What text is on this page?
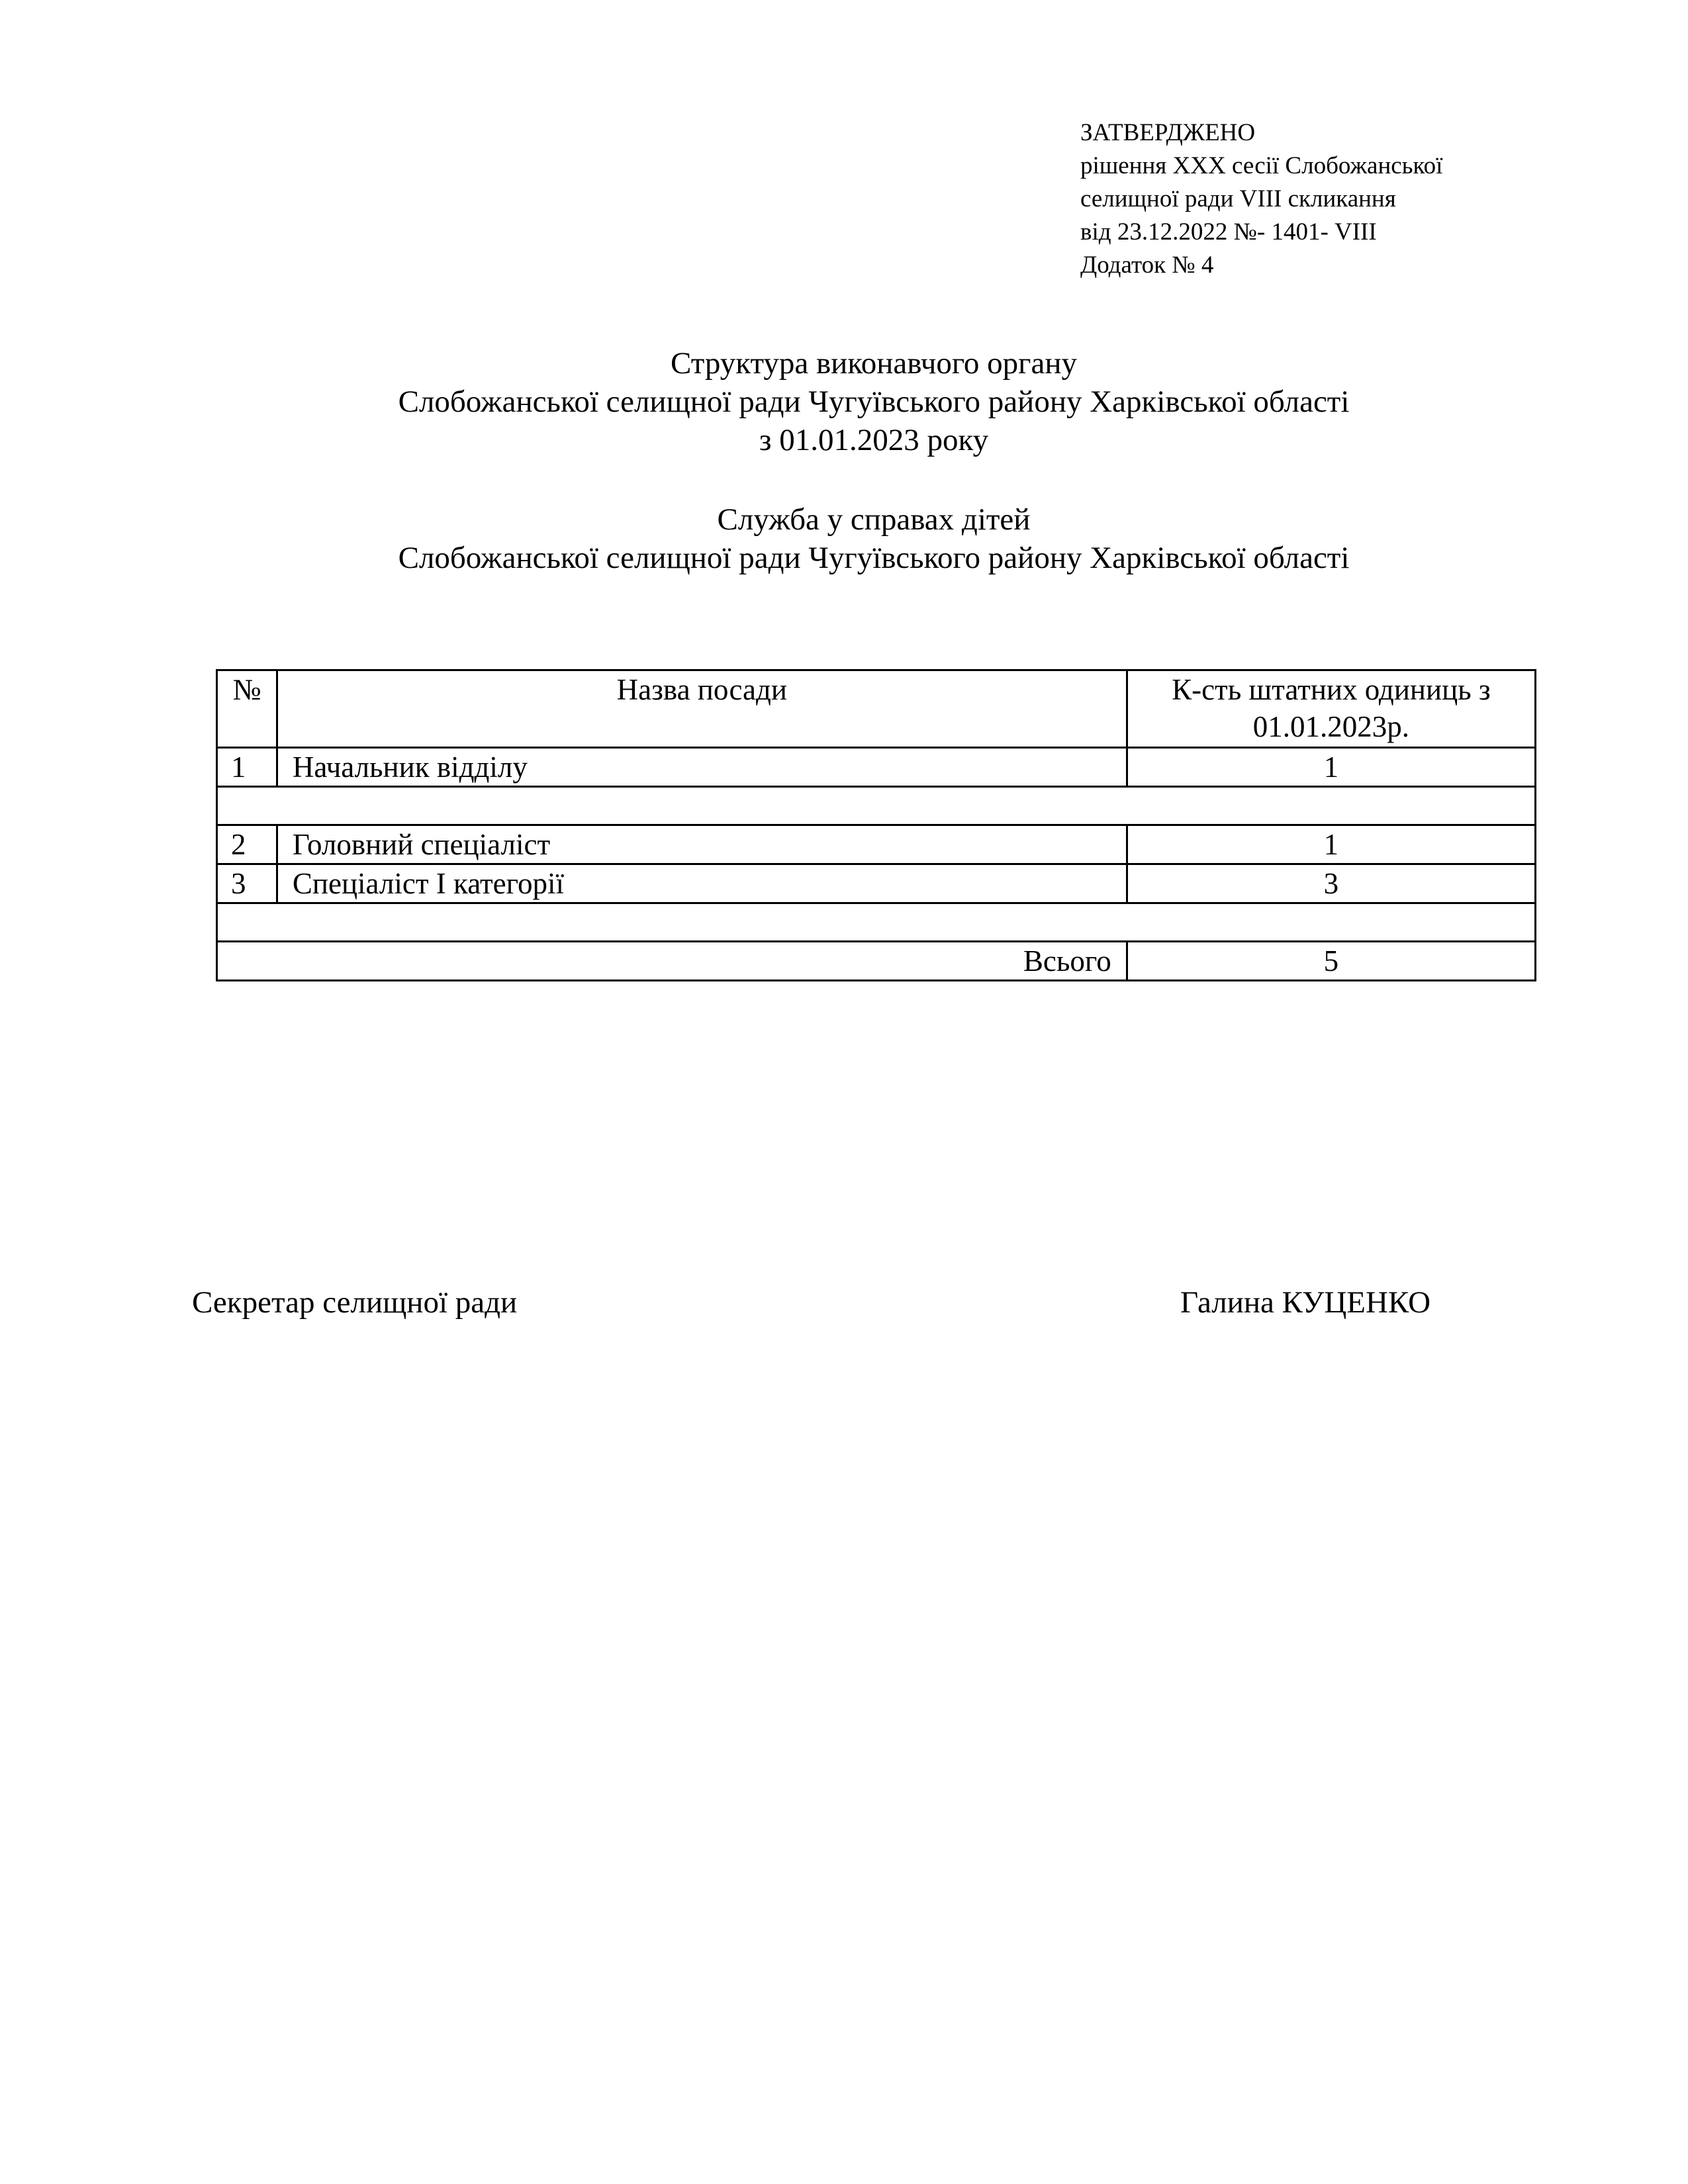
ЗАТВЕРДЖЕНО
рішення ХХХ сесії Слобожанської
селищної ради VIII скликання
від 23.12.2022 №- 1401- VIII
Додаток № 4
Структура виконавчого органу
Слобожанської селищної ради Чугуївського району Харківської області
з 01.01.2023 року
Служба у справах дітей
Слобожанської селищної ради Чугуївського району Харківської області
№	Назва посади	К-сть штатних одиниць з 01.01.2023р.
1	Начальник відділу	1

2	Головний спеціаліст	1
3	Спеціаліст І категорії	3

Всього		5
Секретар селищної ради	Галина КУЦЕНКО
